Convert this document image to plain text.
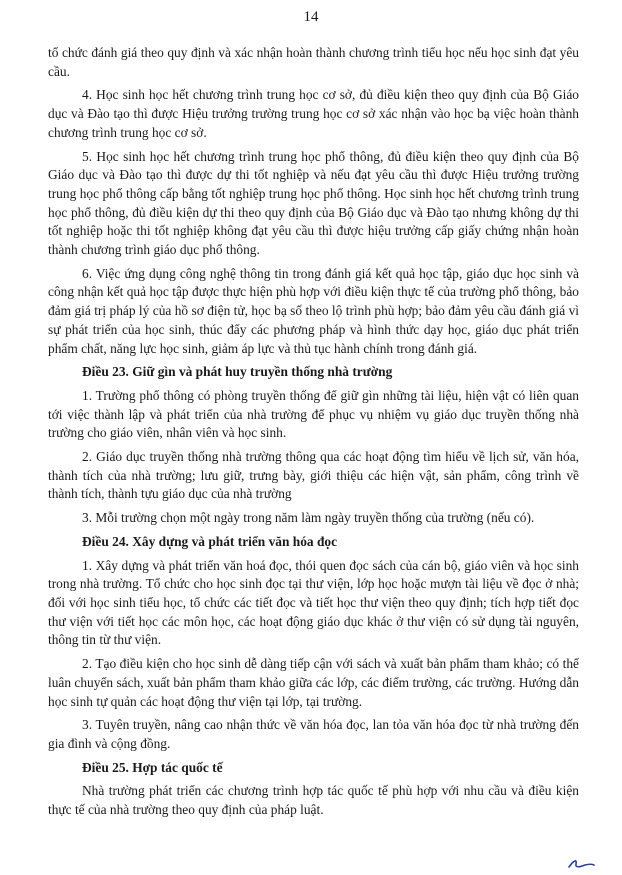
14

tổ chức đánh giá theo quy định và xác nhận hoàn thành chương trình tiểu học nếu học sinh đạt yêu cầu.

4. Học sinh học hết chương trình trung học cơ sở, đủ điều kiện theo quy định của Bộ Giáo dục và Đào tạo thì được Hiệu trưởng trường trung học cơ sở xác nhận vào học bạ việc hoàn thành chương trình trung học cơ sở.

5. Học sinh học hết chương trình trung học phổ thông, đủ điều kiện theo quy định của Bộ Giáo dục và Đào tạo thì được dự thi tốt nghiệp và nếu đạt yêu cầu thì được Hiệu trưởng trường trung học phổ thông cấp bằng tốt nghiệp trung học phổ thông. Học sinh học hết chương trình trung học phổ thông, đủ điều kiện dự thi theo quy định của Bộ Giáo dục và Đào tạo nhưng không dự thi tốt nghiệp hoặc thi tốt nghiệp không đạt yêu cầu thì được hiệu trưởng cấp giấy chứng nhận hoàn thành chương trình giáo dục phổ thông.

6. Việc ứng dụng công nghệ thông tin trong đánh giá kết quả học tập, giáo dục học sinh và công nhận kết quả học tập được thực hiện phù hợp với điều kiện thực tế của trường phổ thông, bảo đảm giá trị pháp lý của hồ sơ điện tử, học bạ số theo lộ trình phù hợp; bảo đảm yêu cầu đánh giá vì sự phát triển của học sinh, thúc đẩy các phương pháp và hình thức dạy học, giáo dục phát triển phẩm chất, năng lực học sinh, giảm áp lực và thủ tục hành chính trong đánh giá.

Điều 23. Giữ gìn và phát huy truyền thống nhà trường

1. Trường phổ thông có phòng truyền thống để giữ gìn những tài liệu, hiện vật có liên quan tới việc thành lập và phát triển của nhà trường để phục vụ nhiệm vụ giáo dục truyền thống nhà trường cho giáo viên, nhân viên và học sinh.

2. Giáo dục truyền thống nhà trường thông qua các hoạt động tìm hiểu về lịch sử, văn hóa, thành tích của nhà trường; lưu giữ, trưng bày, giới thiệu các hiện vật, sản phẩm, công trình về thành tích, thành tựu giáo dục của nhà trường

3. Mỗi trường chọn một ngày trong năm làm ngày truyền thống của trường (nếu có).

Điều 24. Xây dựng và phát triển văn hóa đọc

1. Xây dựng và phát triển văn hoá đọc, thói quen đọc sách của cán bộ, giáo viên và học sinh trong nhà trường. Tổ chức cho học sinh đọc tại thư viện, lớp học hoặc mượn tài liệu về đọc ở nhà; đối với học sinh tiểu học, tổ chức các tiết đọc và tiết học thư viện theo quy định; tích hợp tiết đọc thư viện với tiết học các môn học, các hoạt động giáo dục khác ở thư viện có sử dụng tài nguyên, thông tin từ thư viện.

2. Tạo điều kiện cho học sinh dễ dàng tiếp cận với sách và xuất bản phẩm tham khảo; có thể luân chuyển sách, xuất bản phẩm tham khảo giữa các lớp, các điểm trường, các trường. Hướng dẫn học sinh tự quản các hoạt động thư viện tại lớp, tại trường.

3. Tuyên truyền, nâng cao nhận thức về văn hóa đọc, lan tỏa văn hóa đọc từ nhà trường đến gia đình và cộng đồng.

Điều 25. Hợp tác quốc tế

Nhà trường phát triển các chương trình hợp tác quốc tế phù hợp với nhu cầu và điều kiện thực tế của nhà trường theo quy định của pháp luật.
